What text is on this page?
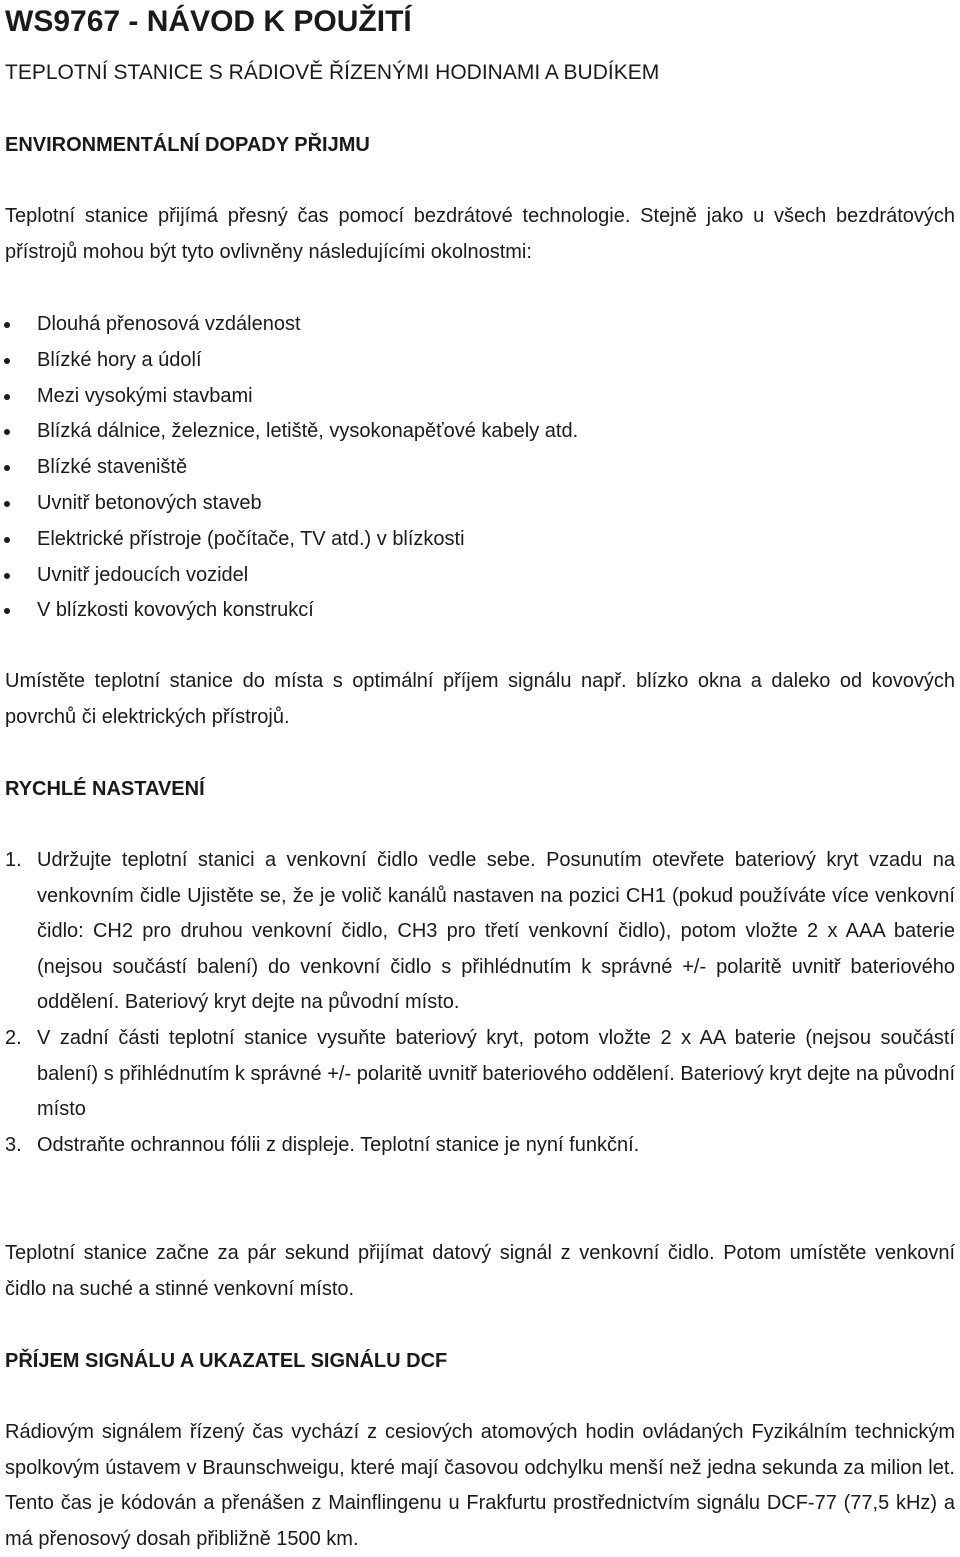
WS9767 - NÁVOD K POUŽITÍ
TEPLOTNÍ STANICE S RÁDIOVĚ ŘÍZENÝMI HODINAMI A BUDÍKEM
ENVIRONMENTÁLNÍ DOPADY PŘIJMU

Teplotní stanice přijímá přesný čas pomocí bezdrátové technologie. Stejně jako u všech bezdrátových přístrojů mohou být tyto ovlivněny následujícími okolnostmi:

Dlouhá přenosová vzdálenost
Blízké hory a údolí
Mezi vysokými stavbami
Blízká dálnice, železnice, letiště, vysokonapěťové kabely atd.
Blízké staveniště
Uvnitř betonových staveb
Elektrické přístroje (počítače, TV atd.) v blízkosti
Uvnitř jedoucích vozidel
V blízkosti kovových konstrukcí

Umístěte teplotní stanice do místa s optimální příjem signálu např. blízko okna a daleko od kovových povrchů či elektrických přístrojů.

RYCHLÉ NASTAVENÍ
1. Udržujte teplotní stanici a venkovní čidlo vedle sebe. Posunutím otevřete bateriový kryt vzadu na venkovním čidle Ujistěte se, že je volič kanálů nastaven na pozici CH1 (pokud používáte více venkovní čidlo: CH2 pro druhou venkovní čidlo, CH3 pro třetí venkovní čidlo), potom vložte 2 x AAA baterie (nejsou součástí balení) do venkovní čidlo s přihlédnutím k správné +/- polaritě uvnitř bateriového oddělení. Bateriový kryt dejte na původní místo.
2. V zadní části teplotní stanice vysuňte bateriový kryt, potom vložte 2 x AA baterie (nejsou součástí balení) s přihlédnutím k správné +/- polaritě uvnitř bateriového oddělení. Bateriový kryt dejte na původní místo
3. Odstraňte ochrannou fólii z displeje. Teplotní stanice je nyní funkční.

Teplotní stanice začne za pár sekund přijímat datový signál z venkovní čidlo. Potom umístěte venkovní čidlo na suché a stinné venkovní místo.

PŘÍJEM SIGNÁLU A UKAZATEL SIGNÁLU DCF

Rádiovým signálem řízený čas vychází z cesiových atomových hodin ovládaných Fyzikálním technickým spolkovým ústavem v Braunschweigu, které mají časovou odchylku menší než jedna sekunda za milion let. Tento čas je kódován a přenášen z Mainflingenu u Frakfurtu prostřednictvím signálu DCF-77 (77,5 kHz) a má přenosový dosah přibližně 1500 km.
